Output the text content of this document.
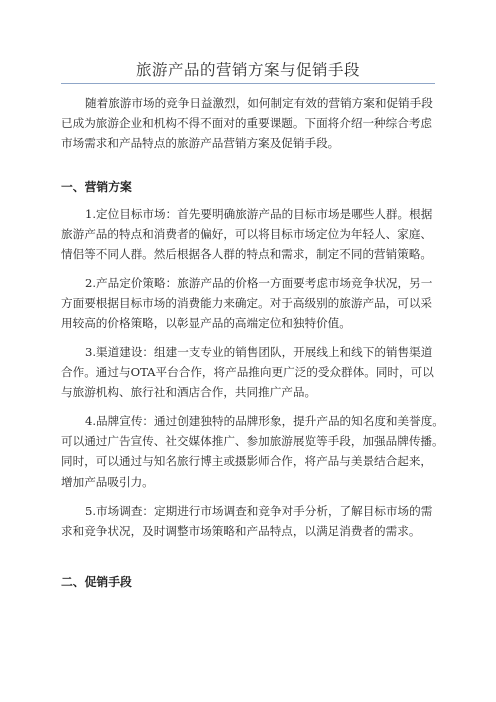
旅游产品的营销方案与促销手段

随着旅游市场的竞争日益激烈，如何制定有效的营销方案和促销手段
已成为旅游企业和机构不得不面对的重要课题。下面将介绍一种综合考虑
市场需求和产品特点的旅游产品营销方案及促销手段。

一、营销方案

1.定位目标市场：首先要明确旅游产品的目标市场是哪些人群。根据
旅游产品的特点和消费者的偏好，可以将目标市场定位为年轻人、家庭、
情侣等不同人群。然后根据各人群的特点和需求，制定不同的营销策略。

2.产品定价策略：旅游产品的价格一方面要考虑市场竞争状况，另一
方面要根据目标市场的消费能力来确定。对于高级别的旅游产品，可以采
用较高的价格策略，以彰显产品的高端定位和独特价值。

3.渠道建设：组建一支专业的销售团队，开展线上和线下的销售渠道
合作。通过与OTA平台合作，将产品推向更广泛的受众群体。同时，可以
与旅游机构、旅行社和酒店合作，共同推广产品。

4.品牌宣传：通过创建独特的品牌形象，提升产品的知名度和美誉度。
可以通过广告宣传、社交媒体推广、参加旅游展览等手段，加强品牌传播。
同时，可以通过与知名旅行博主或摄影师合作，将产品与美景结合起来，
增加产品吸引力。

5.市场调查：定期进行市场调查和竞争对手分析，了解目标市场的需
求和竞争状况，及时调整市场策略和产品特点，以满足消费者的需求。

二、促销手段
